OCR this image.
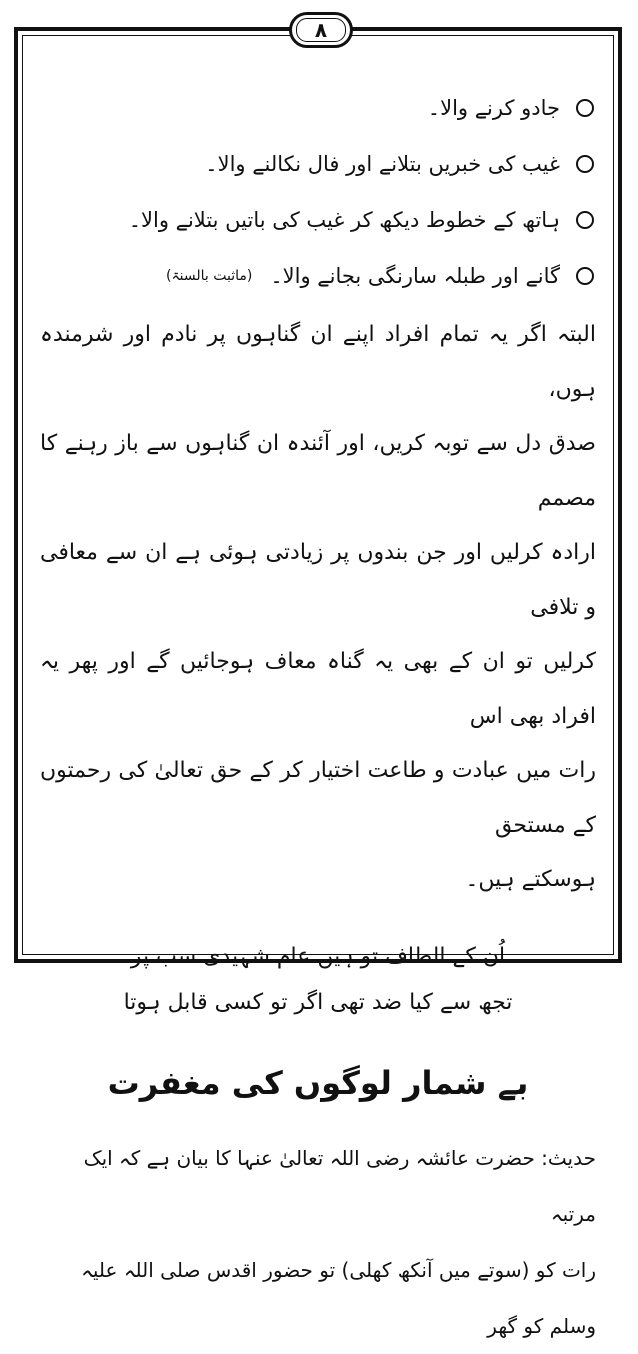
٨
جادو کرنے والا۔
غیب کی خبریں بتلانے اور فال نکالنے والا۔
ہاتھ کے خطوط دیکھ کر غیب کی باتیں بتلانے والا۔
گانے اور طبلہ سارنگی بجانے والا۔
(ماثبت بالسنۃ)
البتہ اگر یہ تمام افراد اپنے ان گناہوں پر نادم اور شرمندہ ہوں،
صدق دل سے توبہ کریں، اور آئندہ ان گناہوں سے باز رہنے کا مصمم
ارادہ کرلیں اور جن بندوں پر زیادتی ہوئی ہے ان سے معافی و تلافی
کرلیں تو ان کے بھی یہ گناہ معاف ہوجائیں گے اور پھر یہ افراد بھی اس
رات میں عبادت و طاعت اختیار کر کے حق تعالیٰ کی رحمتوں کے مستحق
ہوسکتے ہیں۔
اُن کے الطاف تو ہیں عام شہیدی سب پر
تجھ سے کیا ضد تھی اگر تو کسی قابل ہوتا
بے شمار لوگوں کی مغفرت
حدیث: حضرت عائشہ رضی اللہ تعالیٰ عنہا کا بیان ہے کہ ایک مرتبہ
رات کو (سوتے میں آنکھ کھلی) تو حضور اقدس صلی اللہ علیہ وسلم کو گھر
